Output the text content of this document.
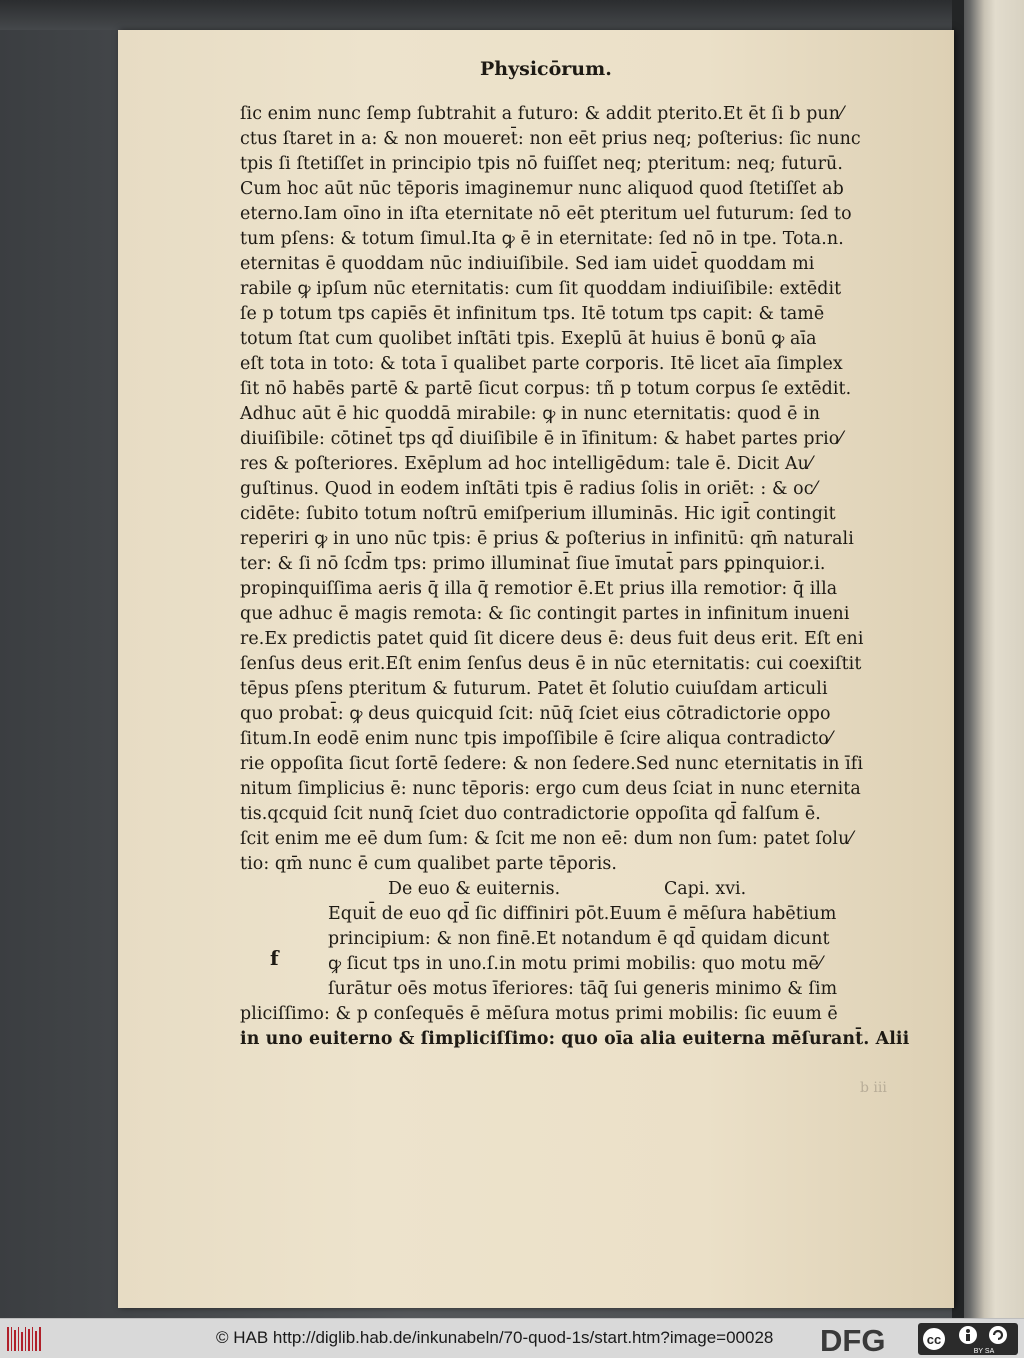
Physicōrum.
ſic enim nunc ſemp ſubtrahit a futuro: & addit pterito.Et ēt ſi b pun⁄
ctus ſtaret in a: & non moueret̄: non eēt prius neq; poſterius: ſic nunc
tpis ſi ſtetiſſet in principio tpis nō fuiſſet neq; pteritum: neq; futurū.
Cum hoc aūt nūc tēporis imaginemur nunc aliquod quod ſtetiſſet ab
eterno.Iam oīno in iſta eternitate nō eēt pteritum uel futurum: ſed to
tum pſens: & totum ſimul.Ita ꝙ ē in eternitate: ſed nō in tpe. Tota.n.
eternitas ē quoddam nūc indiuiſibile. Sed iam uidet̄ quoddam mi
rabile ꝙ ipſum nūc eternitatis: cum ſit quoddam indiuiſibile: extēdit
ſe p totum tps capiēs ēt infinitum tps. Itē totum tps capit: & tamē
totum ſtat cum quolibet inſtāti tpis. Exeplū āt huius ē bonū ꝙ aīa
eſt tota in toto: & tota ī qualibet parte corporis. Itē licet aīa ſimplex
ſit nō habēs partē & partē ſicut corpus: tñ p totum corpus ſe extēdit.
Adhuc aūt ē hic quoddā mirabile: ꝙ in nunc eternitatis: quod ē in
diuiſibile: cōtinet̄ tps qd̄ diuiſibile ē in īfinitum: & habet partes prio⁄
res & poſteriores. Exēplum ad hoc intelligēdum: tale ē. Dicit Au⁄
guſtinus. Quod in eodem inſtāti tpis ē radius ſolis in oriēt: : & oc⁄
cidēte: ſubito totum noſtrū emiſperium illuminās. Hic igit̄ contingit
reperiri ꝙ in uno nūc tpis: ē prius & poſterius in infinitū: qm̄ naturali
ter: & ſi nō ſcd̄m tps: primo illuminat̄ ſiue īmutat̄ pars ꝑpinquior.i.
propinquiſſima aeris q̄ illa q̄ remotior ē.Et prius illa remotior: q̄ illa
que adhuc ē magis remota: & ſic contingit partes in infinitum inueni
re.Ex predictis patet quid ſit dicere deus ē: deus fuit deus erit. Eſt eni
ſenſus deus erit.Eſt enim ſenſus deus ē in nūc eternitatis: cui coexiſtit
tēpus pſens pteritum & futurum. Patet ēt ſolutio cuiuſdam articuli
quo probat̄: ꝙ deus quicquid ſcit: nūq̄ ſciet eius cōtradictorie oppo
ſitum.In eodē enim nunc tpis impoſſibile ē ſcire aliqua contradicto⁄
rie oppoſita ſicut ſortē ſedere: & non ſedere.Sed nunc eternitatis in īfi
nitum ſimplicius ē: nunc tēporis: ergo cum deus ſciat in nunc eternita
tis.qcquid ſcit nunq̄ ſciet duo contradictorie oppoſita qd̄ falſum ē.
ſcit enim me eē dum ſum: & ſcit me non eē: dum non ſum: patet ſolu⁄
tio: qm̄ nunc ē cum qualibet parte tēporis.
De euo & euiternis.	Capi. xvi.
Equit̄ de euo qd̄ ſic diffiniri pōt.Euum ē mēſura habētium
principium: & non finē.Et notandum ē qd̄ quidam dicunt
ꝙ ſicut tps in uno.ſ.in motu primi mobilis: quo motu mē⁄
ſurātur oēs motus īferiores: tāq̄ ſui generis minimo & ſim
pliciſſimo: & p conſequēs ē mēſura motus primi mobilis: ſic euum ē
in uno euiterno & ſimpliciſſimo: quo oīa alia euiterna mēſurant̄. Alii
f
b iii
© HAB http://diglib.hab.de/inkunabeln/70-quod-1s/start.htm?image=00028 DFG	cc
BY SA
